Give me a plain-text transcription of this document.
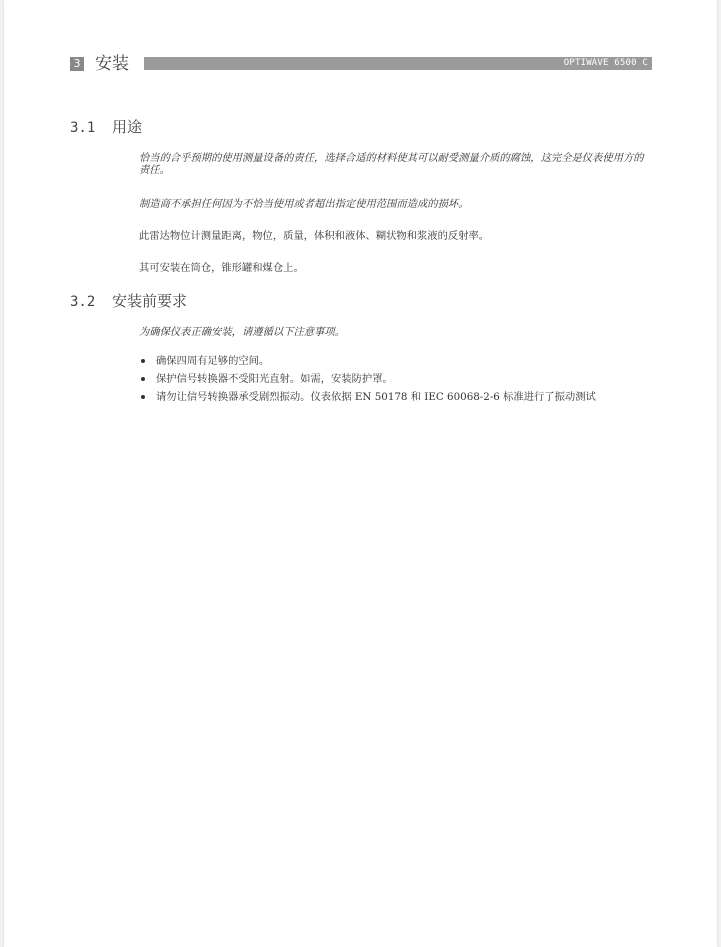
3 安装	OPTIWAVE 6500 C
3.1 用途
恰当的合乎预期的使用测量设备的责任，选择合适的材料使其可以耐受测量介质的腐蚀，这完全是仪表使用方的责任。
制造商不承担任何因为不恰当使用或者超出指定使用范围而造成的损坏。
此雷达物位计测量距离，物位，质量，体积和液体、糊状物和浆液的反射率。
其可安装在筒仓，锥形罐和煤仓上。
3.2 安装前要求
为确保仪表正确安装，请遵循以下注意事项。
确保四周有足够的空间。
保护信号转换器不受阳光直射。如需，安装防护罩。
请勿让信号转换器承受剧烈振动。仪表依据 EN 50178 和 IEC 60068-2-6 标准进行了振动测试
